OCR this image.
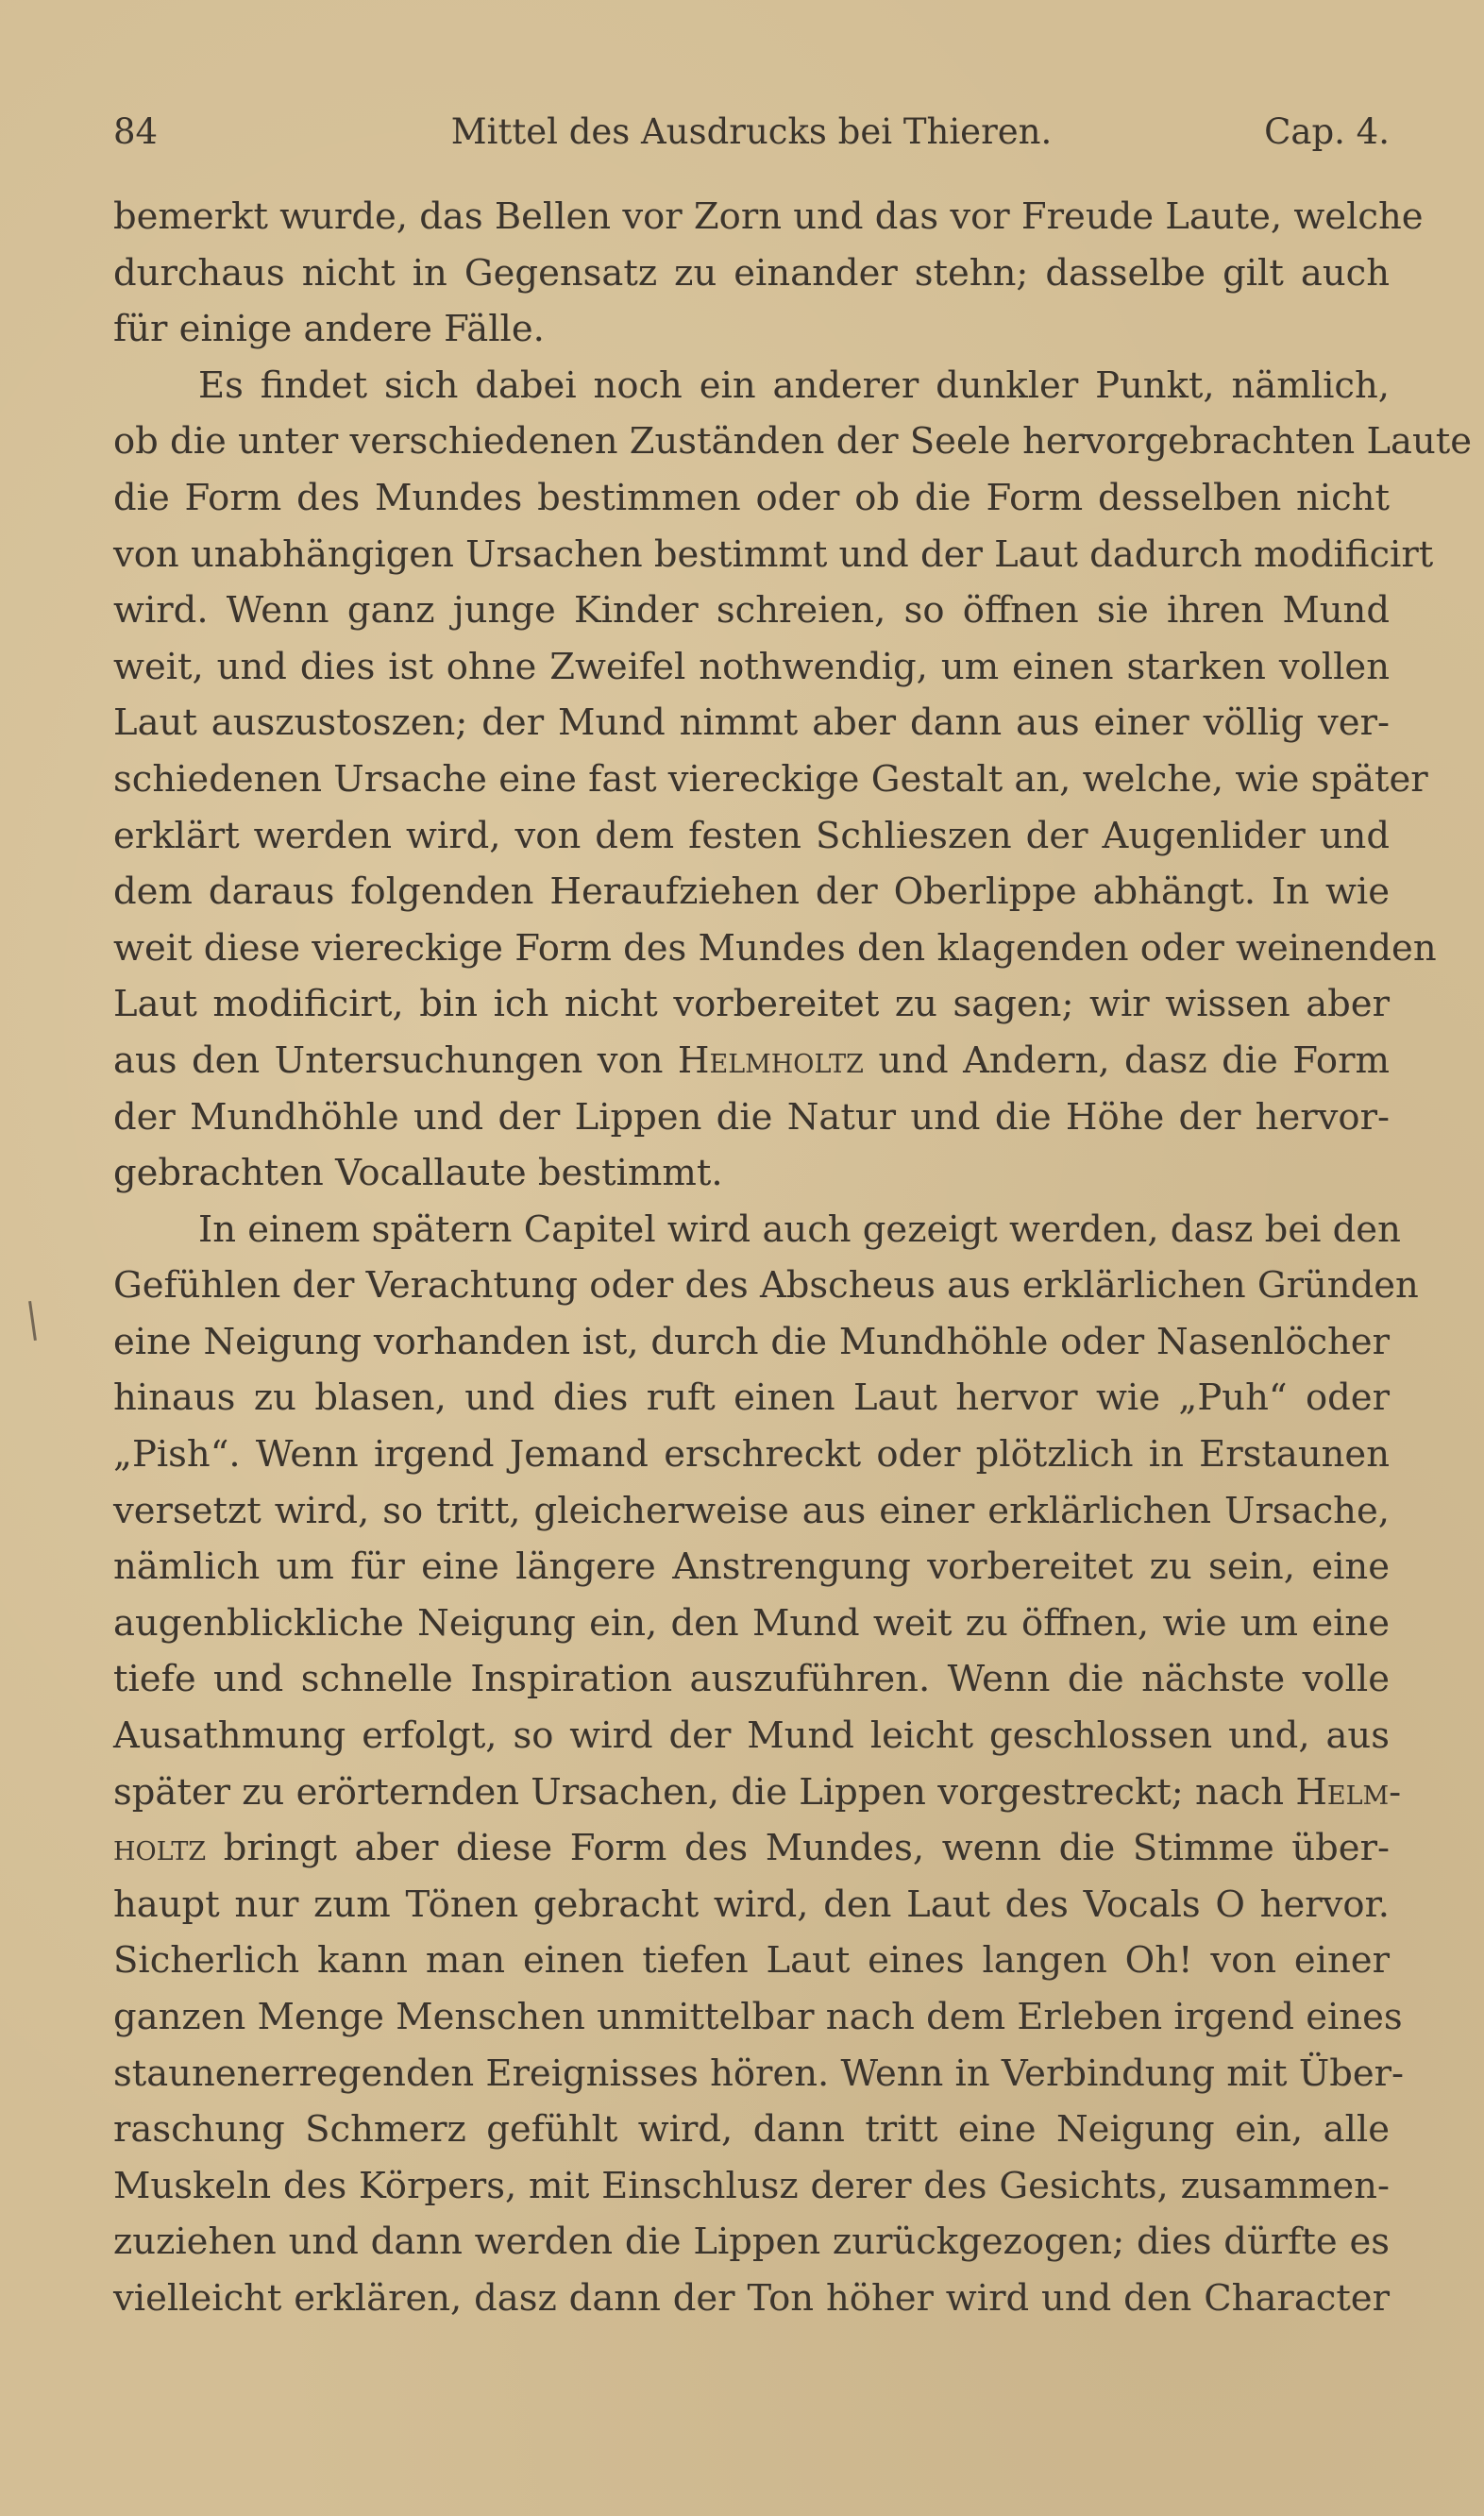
84	Mittel des Ausdrucks bei Thieren.	Cap. 4.
bemerkt wurde, das Bellen vor Zorn und das vor Freude Laute, welche
durchaus nicht in Gegensatz zu einander stehn; dasselbe gilt auch
für einige andere Fälle.
Es findet sich dabei noch ein anderer dunkler Punkt, nämlich,
ob die unter verschiedenen Zuständen der Seele hervorgebrachten Laute
die Form des Mundes bestimmen oder ob die Form desselben nicht
von unabhängigen Ursachen bestimmt und der Laut dadurch modificirt
wird. Wenn ganz junge Kinder schreien, so öffnen sie ihren Mund
weit, und dies ist ohne Zweifel nothwendig, um einen starken vollen
Laut auszustoszen; der Mund nimmt aber dann aus einer völlig ver-
schiedenen Ursache eine fast viereckige Gestalt an, welche, wie später
erklärt werden wird, von dem festen Schlieszen der Augenlider und
dem daraus folgenden Heraufziehen der Oberlippe abhängt. In wie
weit diese viereckige Form des Mundes den klagenden oder weinenden
Laut modificirt, bin ich nicht vorbereitet zu sagen; wir wissen aber
aus den Untersuchungen von Helmholtz und Andern, dasz die Form
der Mundhöhle und der Lippen die Natur und die Höhe der hervor-
gebrachten Vocallaute bestimmt.
In einem spätern Capitel wird auch gezeigt werden, dasz bei den
Gefühlen der Verachtung oder des Abscheus aus erklärlichen Gründen
eine Neigung vorhanden ist, durch die Mundhöhle oder Nasenlöcher
hinaus zu blasen, und dies ruft einen Laut hervor wie „Puh“ oder
„Pish“. Wenn irgend Jemand erschreckt oder plötzlich in Erstaunen
versetzt wird, so tritt, gleicherweise aus einer erklärlichen Ursache,
nämlich um für eine längere Anstrengung vorbereitet zu sein, eine
augenblickliche Neigung ein, den Mund weit zu öffnen, wie um eine
tiefe und schnelle Inspiration auszuführen. Wenn die nächste volle
Ausathmung erfolgt, so wird der Mund leicht geschlossen und, aus
später zu erörternden Ursachen, die Lippen vorgestreckt; nach Helm-
holtz bringt aber diese Form des Mundes, wenn die Stimme über-
haupt nur zum Tönen gebracht wird, den Laut des Vocals O hervor.
Sicherlich kann man einen tiefen Laut eines langen Oh! von einer
ganzen Menge Menschen unmittelbar nach dem Erleben irgend eines
staunenerregenden Ereignisses hören. Wenn in Verbindung mit Über-
raschung Schmerz gefühlt wird, dann tritt eine Neigung ein, alle
Muskeln des Körpers, mit Einschlusz derer des Gesichts, zusammen-
zuziehen und dann werden die Lippen zurückgezogen; dies dürfte es
vielleicht erklären, dasz dann der Ton höher wird und den Character
